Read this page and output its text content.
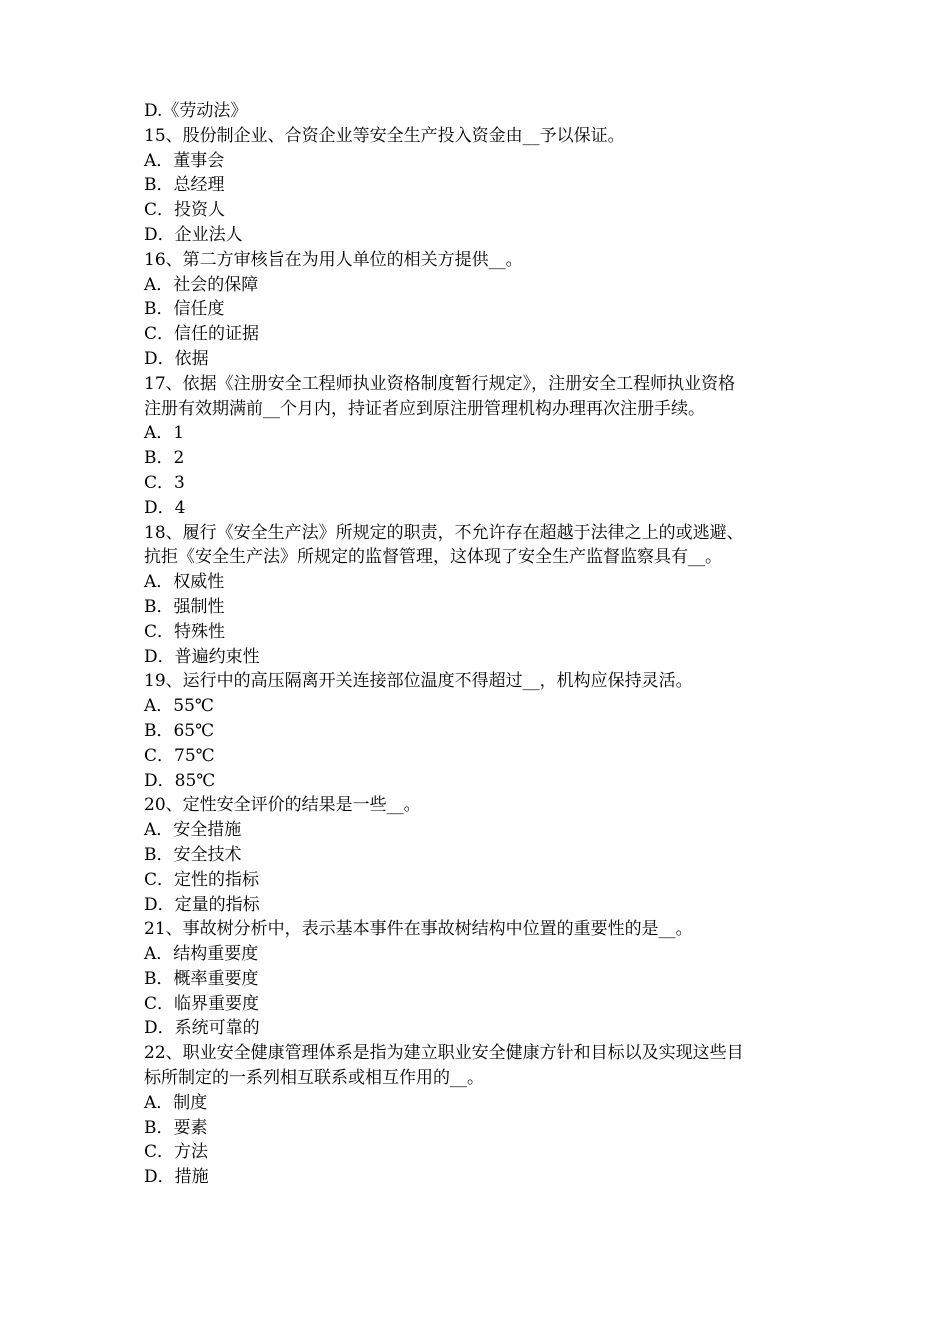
D.《劳动法》
15、股份制企业、合资企业等安全生产投入资金由__予以保证。
A．董事会
B．总经理
C．投资人
D．企业法人
16、第二方审核旨在为用人单位的相关方提供__。
A．社会的保障
B．信任度
C．信任的证据
D．依据
17、依据《注册安全工程师执业资格制度暂行规定》，注册安全工程师执业资格
注册有效期满前__个月内，持证者应到原注册管理机构办理再次注册手续。
A．1
B．2
C．3
D．4
18、履行《安全生产法》所规定的职责，不允许存在超越于法律之上的或逃避、
抗拒《安全生产法》所规定的监督管理，这体现了安全生产监督监察具有__。
A．权威性
B．强制性
C．特殊性
D．普遍约束性
19、运行中的高压隔离开关连接部位温度不得超过__，机构应保持灵活。
A．55℃
B．65℃
C．75℃
D．85℃
20、定性安全评价的结果是一些__。
A．安全措施
B．安全技术
C．定性的指标
D．定量的指标
21、事故树分析中，表示基本事件在事故树结构中位置的重要性的是__。
A．结构重要度
B．概率重要度
C．临界重要度
D．系统可靠的
22、职业安全健康管理体系是指为建立职业安全健康方针和目标以及实现这些目
标所制定的一系列相互联系或相互作用的__。
A．制度
B．要素
C．方法
D．措施
